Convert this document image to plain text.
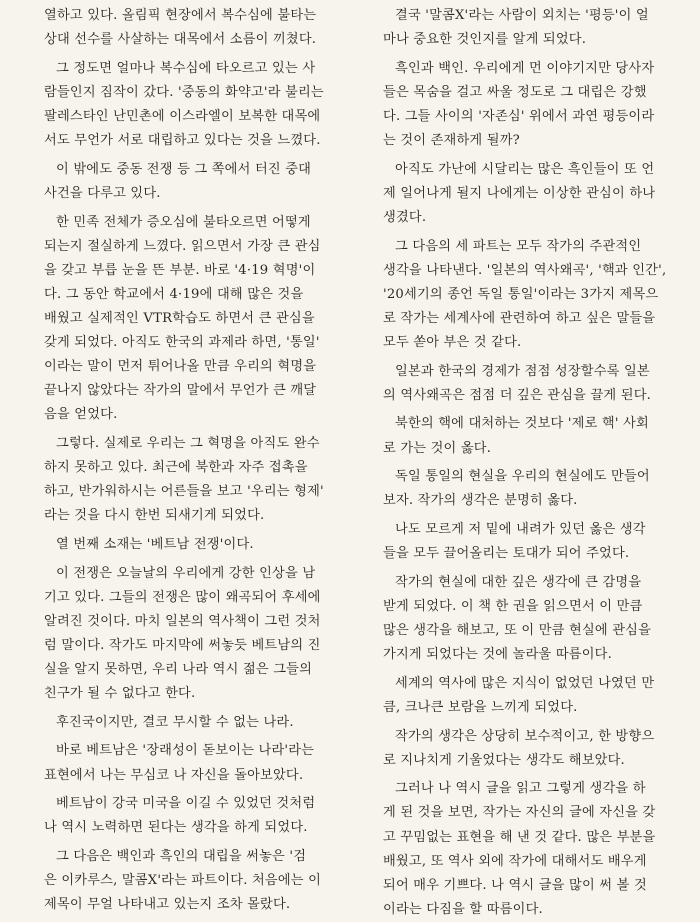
열하고 있다. 올림픽 현장에서 복수심에 불타는
상대 선수를 사살하는 대목에서 소름이 끼쳤다.

그 정도면 얼마나 복수심에 타오르고 있는 사
람들인지 짐작이 갔다. '중동의 화약고'라 불리는
팔레스타인 난민촌에 이스라엘이 보복한 대목에
서도 무언가 서로 대립하고 있다는 것을 느꼈다.

이 밖에도 중동 전쟁 등 그 쪽에서 터진 중대
사건을 다루고 있다.

한 민족 전체가 증오심에 불타오르면 어떻게
되는지 절실하게 느꼈다. 읽으면서 가장 큰 관심
을 갖고 부릅 눈을 뜬 부분. 바로 '4·19 혁명'이
다. 그 동안 학교에서 4·19에 대해 많은 것을
배웠고 실제적인 VTR학습도 하면서 큰 관심을
갖게 되었다. 아직도 한국의 과제라 하면, '통일'
이라는 말이 먼저 튀어나올 만큼 우리의 혁명을
끝나지 않았다는 작가의 말에서 무언가 큰 깨달
음을 얻었다.

그렇다. 실제로 우리는 그 혁명을 아직도 완수
하지 못하고 있다. 최근에 북한과 자주 접촉을
하고, 반가워하시는 어른들을 보고 '우리는 형제'
라는 것을 다시 한번 되새기게 되었다.

열 번째 소재는 '베트남 전쟁'이다.

이 전쟁은 오늘날의 우리에게 강한 인상을 남
기고 있다. 그들의 전쟁은 많이 왜곡되어 후세에
알려진 것이다. 마치 일본의 역사책이 그런 것처
럼 말이다. 작가도 마지막에 써놓듯 베트남의 진
실을 알지 못하면, 우리 나라 역시 젊은 그들의
친구가 될 수 없다고 한다.

후진국이지만, 결코 무시할 수 없는 나라.

바로 베트남은 '장래성이 돋보이는 나라'라는
표현에서 나는 무심코 나 자신을 돌아보았다.

베트남이 강국 미국을 이길 수 있었던 것처럼
나 역시 노력하면 된다는 생각을 하게 되었다.

그 다음은 백인과 흑인의 대립을 써놓은 '검
은 이카루스, 말콤X'라는 파트이다. 처음에는 이
제목이 무얼 나타내고 있는지 조차 몰랐다.

결국 '말콤X'라는 사람이 외치는 '평등'이 얼
마나 중요한 것인지를 알게 되었다.

흑인과 백인. 우리에게 먼 이야기지만 당사자
들은 목숨을 걸고 싸울 정도로 그 대립은 강했
다. 그들 사이의 '자존심' 위에서 과연 평등이라
는 것이 존재하게 될까?

아직도 가난에 시달리는 많은 흑인들이 또 언
제 일어나게 될지 나에게는 이상한 관심이 하나
생겼다.

그 다음의 세 파트는 모두 작가의 주관적인
생각을 나타낸다. '일본의 역사왜곡', '핵과 인간',
'20세기의 종언 독일 통일'이라는 3가지 제목으
로 작가는 세계사에 관련하여 하고 싶은 말들을
모두 쏟아 부은 것 같다.

일본과 한국의 경제가 점점 성장할수록 일본
의 역사왜곡은 점점 더 깊은 관심을 끌게 된다.

북한의 핵에 대처하는 것보다 '제로 핵' 사회
로 가는 것이 옳다.

독일 통일의 현실을 우리의 현실에도 만들어
보자. 작가의 생각은 분명히 옳다.

나도 모르게 저 밑에 내려가 있던 옳은 생각
들을 모두 끌어올리는 토대가 되어 주었다.

작가의 현실에 대한 깊은 생각에 큰 감명을
받게 되었다. 이 책 한 권을 읽으면서 이 만큼
많은 생각을 해보고, 또 이 만큼 현실에 관심을
가지게 되었다는 것에 놀라울 따름이다.

세계의 역사에 많은 지식이 없었던 나였던 만
큼, 크나큰 보람을 느끼게 되었다.

작가의 생각은 상당히 보수적이고, 한 방향으
로 지나치게 기울었다는 생각도 해보았다.

그러나 나 역시 글을 읽고 그렇게 생각을 하
게 된 것을 보면, 작가는 자신의 글에 자신을 갖
고 꾸밈없는 표현을 해 낸 것 같다. 많은 부분을
배웠고, 또 역사 외에 작가에 대해서도 배우게
되어 매우 기쁘다. 나 역시 글을 많이 써 볼 것
이라는 다짐을 할 따름이다.
